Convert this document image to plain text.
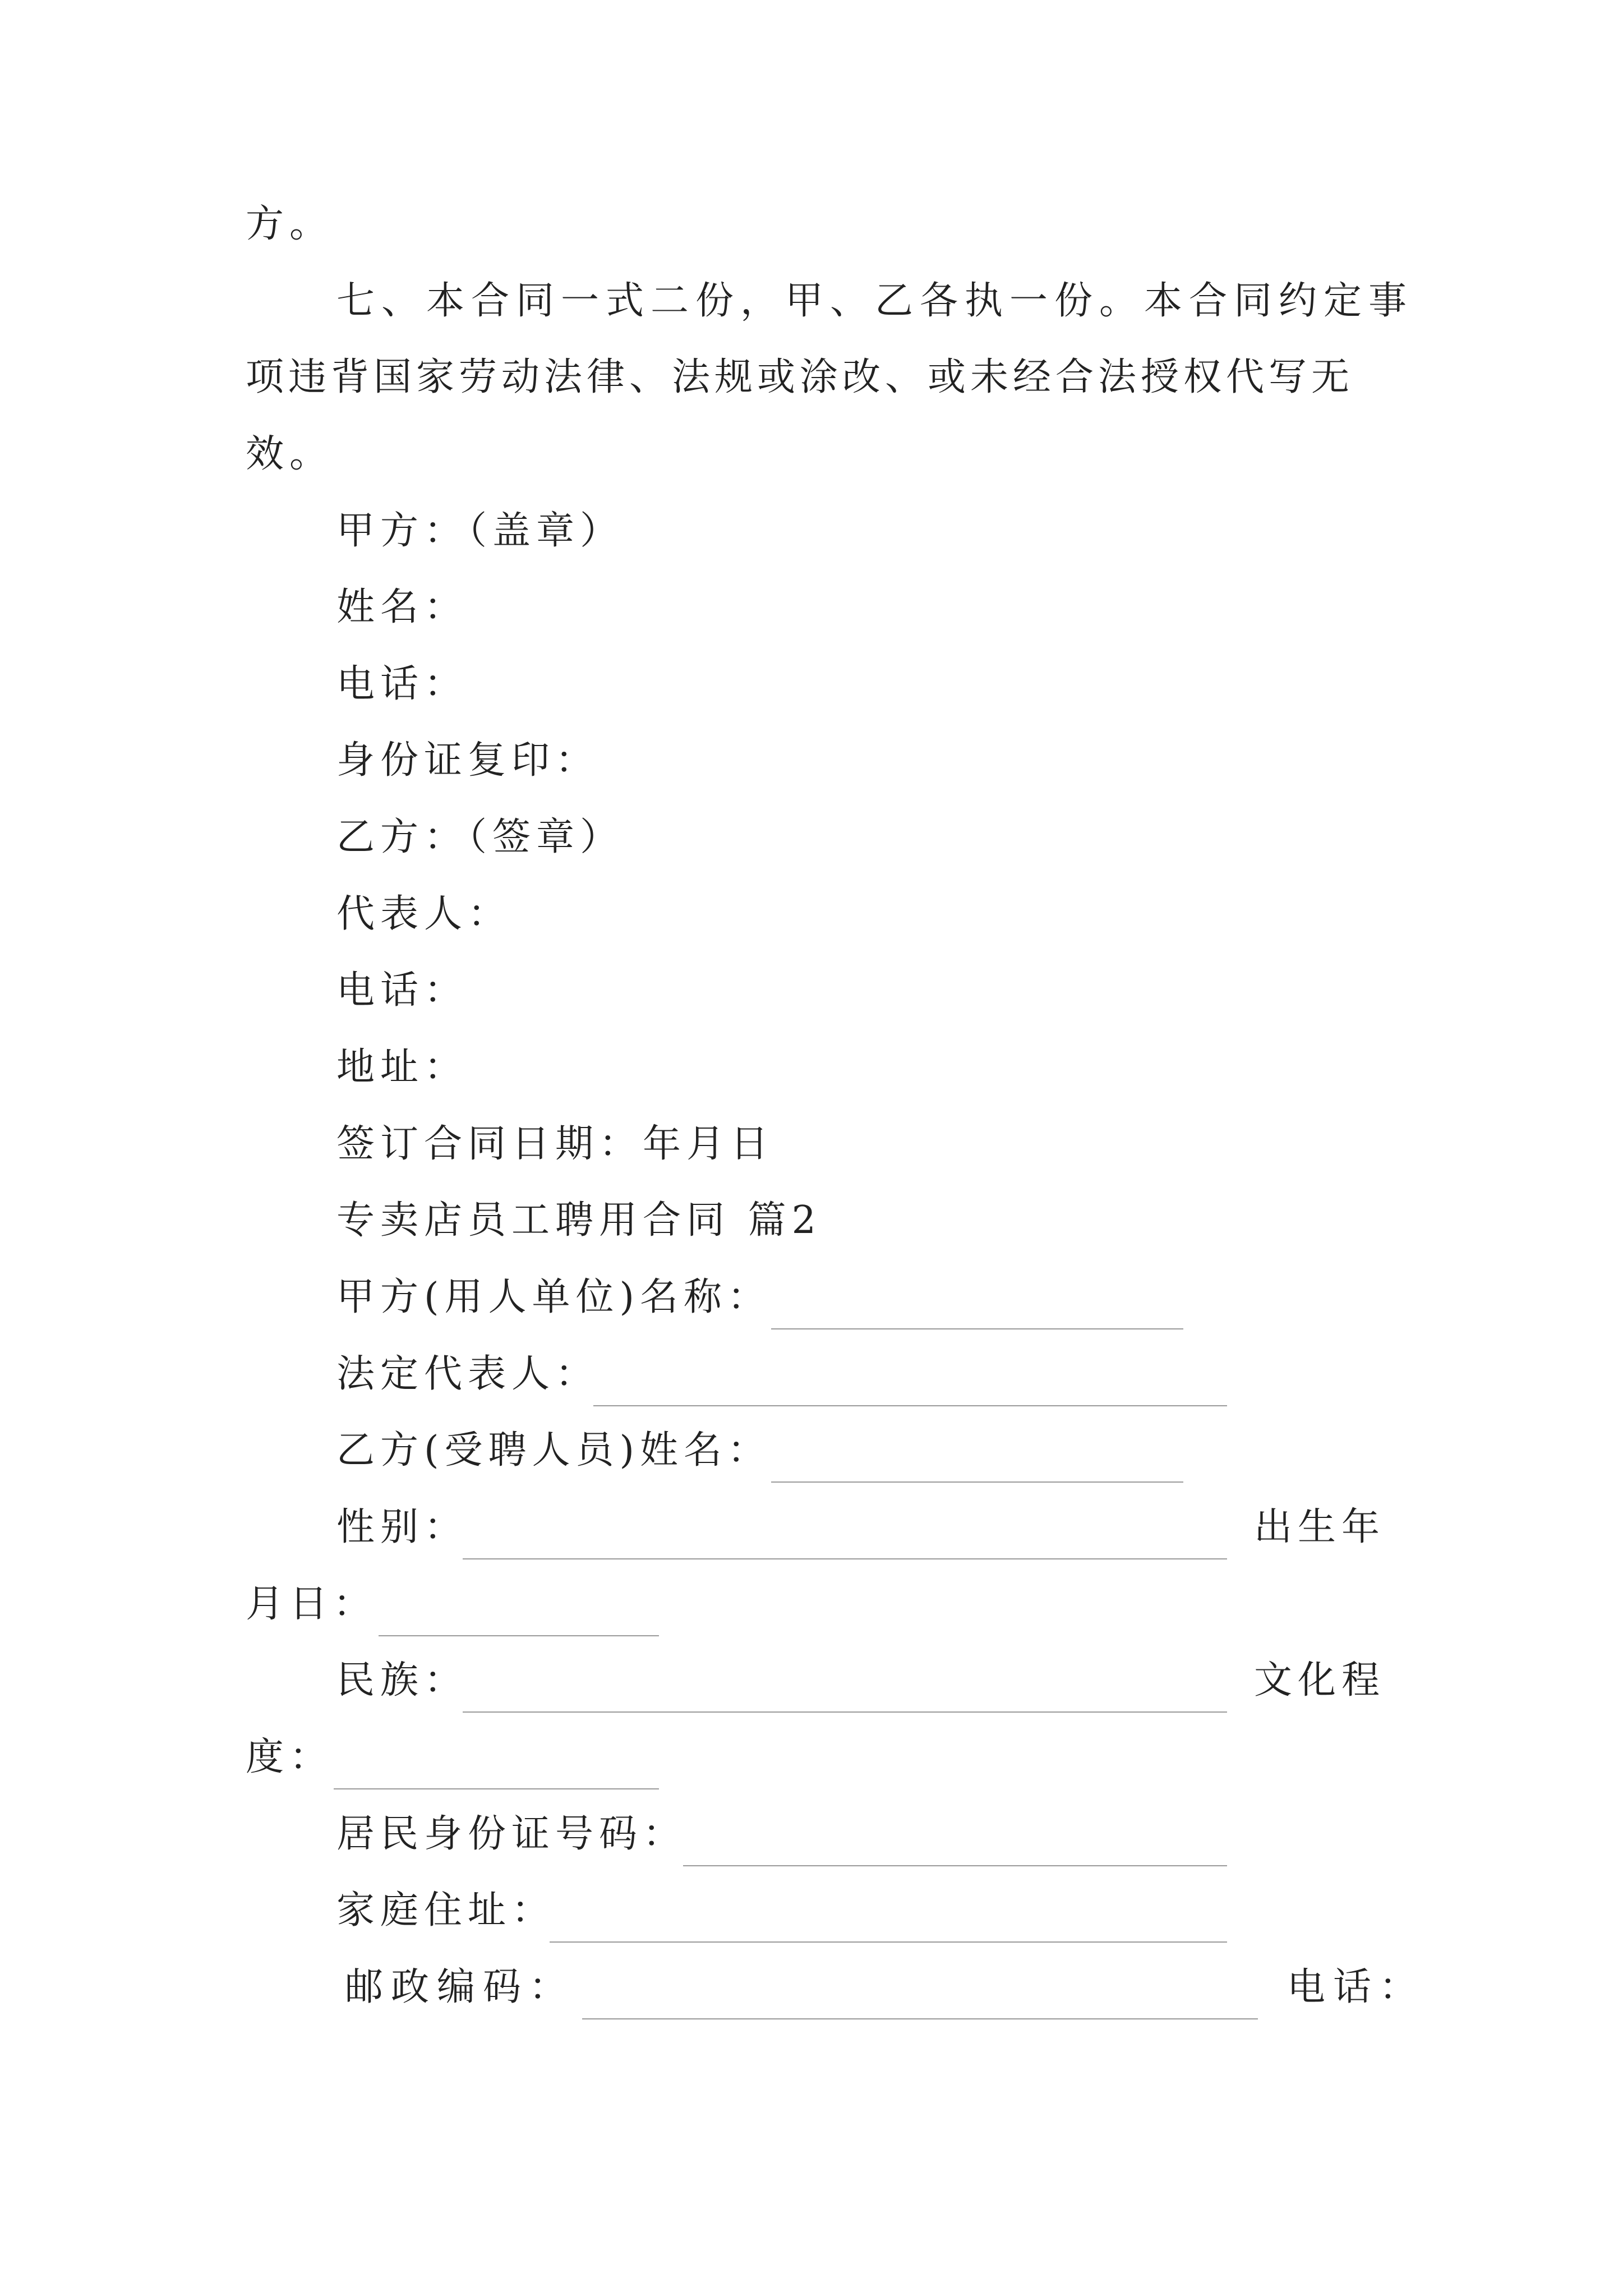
方。
七、本合同一式二份，甲、乙各执一份。本合同约定事
项违背国家劳动法律、法规或涂改、或未经合法授权代写无
效。
甲方：（盖章）
姓名：
电话：
身份证复印：
乙方：（签章）
代表人：
电话：
地址：
签订合同日期：年月日
专卖店员工聘用合同 篇2
甲方(用人单位)名称：
法定代表人：
乙方(受聘人员)姓名：
性别：	出生年
月日：
民族：	文化程
度：
居民身份证号码：
家庭住址：
邮政编码：	电话：
